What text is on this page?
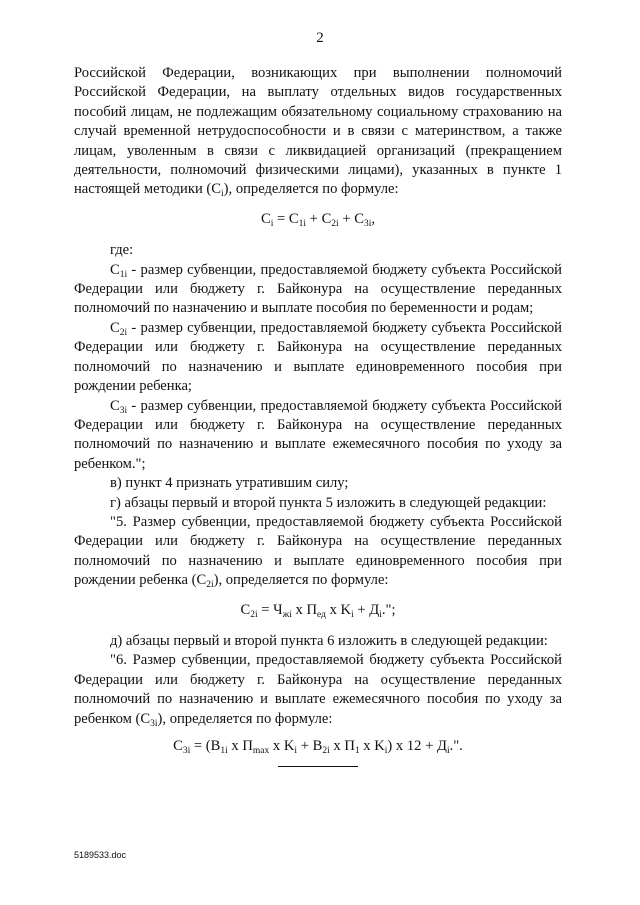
2

Российской Федерации, возникающих при выполнении полномочий Российской Федерации, на выплату отдельных видов государственных пособий лицам, не подлежащим обязательному социальному страхованию на случай временной нетрудоспособности и в связи с материнством, а также лицам, уволенным в связи с ликвидацией организаций (прекращением деятельности, полномочий физическими лицами), указанных в пункте 1 настоящей методики $(C_i)$, определяется по формуле:

$C_i = C_{1i} + C_{2i} + C_{3i}$,

где:

$C_{1i}$ - размер субвенции, предоставляемой бюджету субъекта Российской Федерации или бюджету г. Байконура на осуществление переданных полномочий по назначению и выплате пособия по беременности и родам;

$C_{2i}$ - размер субвенции, предоставляемой бюджету субъекта Российской Федерации или бюджету г. Байконура на осуществление переданных полномочий по назначению и выплате единовременного пособия при рождении ребенка;

$C_{3i}$ - размер субвенции, предоставляемой бюджету субъекта Российской Федерации или бюджету г. Байконура на осуществление переданных полномочий по назначению и выплате ежемесячного пособия по уходу за ребенком.";

в) пункт 4 признать утратившим силу;

г) абзацы первый и второй пункта 5 изложить в следующей редакции:

"5. Размер субвенции, предоставляемой бюджету субъекта Российской Федерации или бюджету г. Байконура на осуществление переданных полномочий по назначению и выплате единовременного пособия при рождении ребенка $(C_{2i})$, определяется по формуле:

$C_{2i} = Ч_{жi}$ x $П_{ед}$ x $K_i + Д_i$.";

д) абзацы первый и второй пункта 6 изложить в следующей редакции:

"6. Размер субвенции, предоставляемой бюджету субъекта Российской Федерации или бюджету г. Байконура на осуществление переданных полномочий по назначению и выплате ежемесячного пособия по уходу за ребенком $(C_{3i})$, определяется по формуле:

$C_{3i} = (B_{1i}$ x $П_{max}$ x $K_i + B_{2i}$ x $П_1$ x $K_i$) x $12 + Д_i$.".
5189533.doc
